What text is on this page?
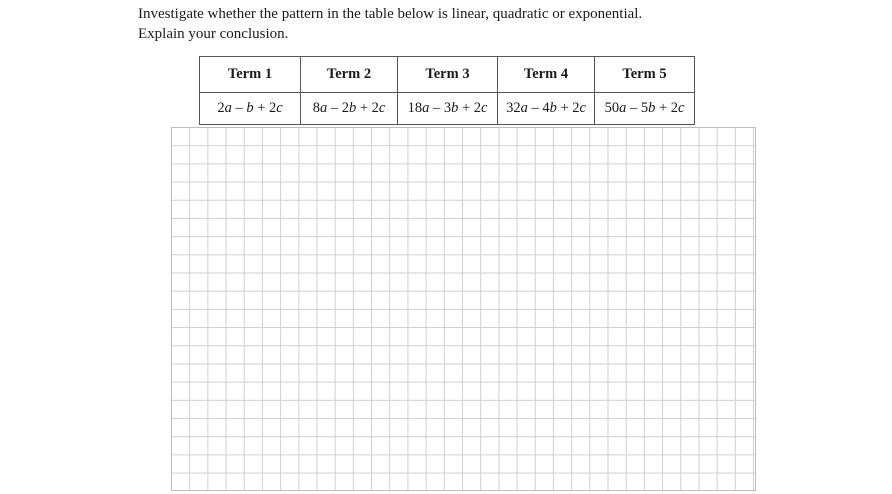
Investigate whether the pattern in the table below is linear, quadratic or exponential.

Explain your conclusion.

Term 1	Term 2	Term 3	Term 4	Term 5
2a – b + 2c	8a – 2b + 2c	18a – 3b + 2c	32a – 4b + 2c	50a – 5b + 2c
